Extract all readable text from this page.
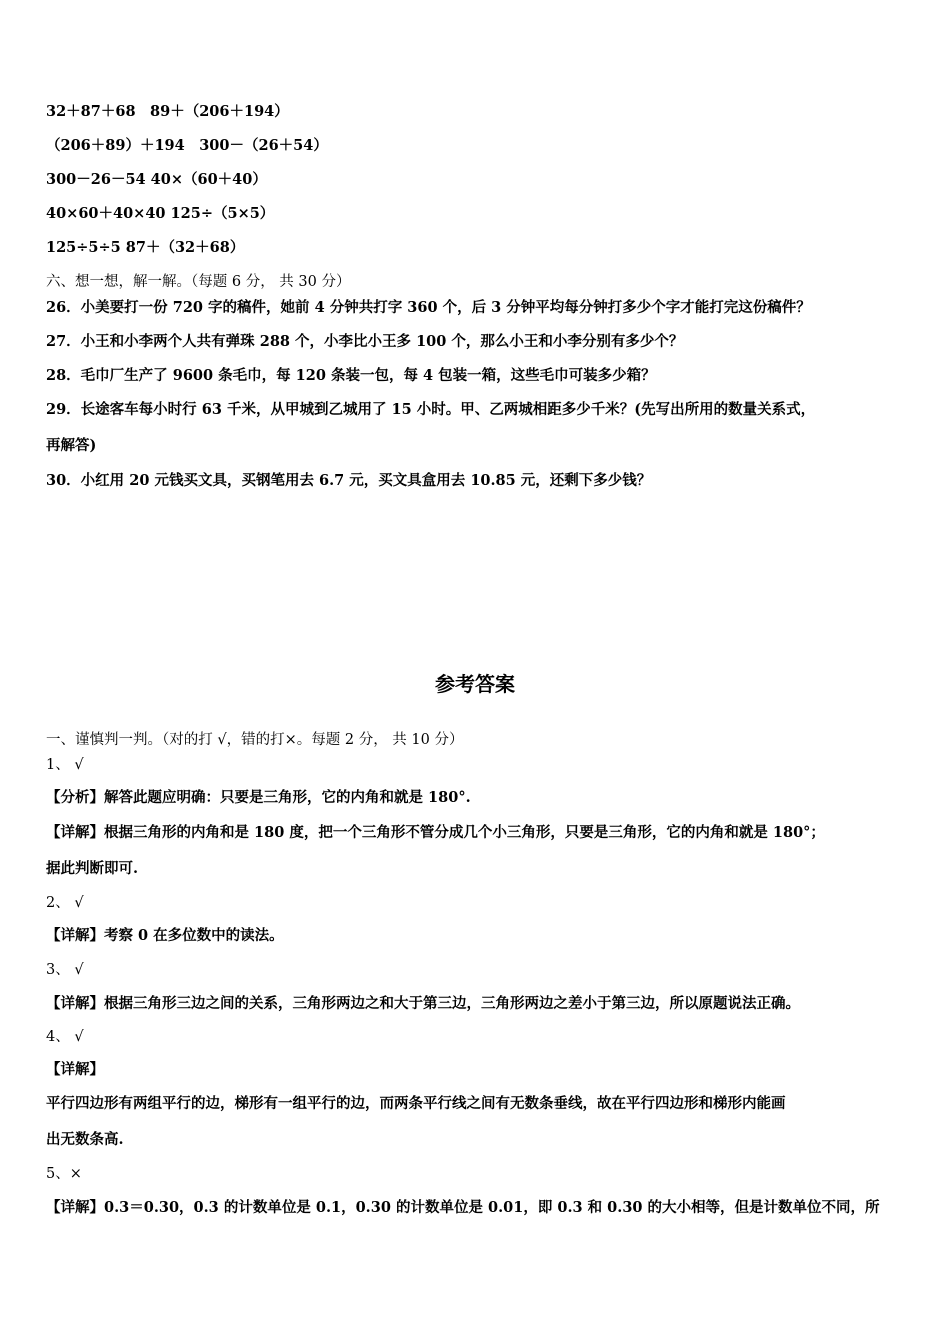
32＋87＋68　89＋（206＋194）
（206＋89）＋194　300－（26＋54）
300－26－54 40×（60＋40）
40×60＋40×40 125÷（5×5）
125÷5÷5 87＋（32＋68）
六、想一想，解一解。（每题 6 分， 共 30 分）
26．小美要打一份 720 字的稿件，她前 4 分钟共打字 360 个，后 3 分钟平均每分钟打多少个字才能打完这份稿件？
27．小王和小李两个人共有弹珠 288 个，小李比小王多 100 个，那么小王和小李分别有多少个？
28．毛巾厂生产了 9600 条毛巾，每 120 条装一包，每 4 包装一箱，这些毛巾可装多少箱？
29．长途客车每小时行 63 千米，从甲城到乙城用了 15 小时。甲、乙两城相距多少千米？(先写出所用的数量关系式，
再解答)
30．小红用 20 元钱买文具，买钢笔用去 6.7 元，买文具盒用去 10.85 元，还剩下多少钱？
参考答案
一、谨慎判一判。（对的打 √，错的打×。每题 2 分， 共 10 分）
1、 √
【分析】解答此题应明确：只要是三角形，它的内角和就是 180°.
【详解】根据三角形的内角和是 180 度，把一个三角形不管分成几个小三角形，只要是三角形，它的内角和就是 180°；
据此判断即可.
2、 √
【详解】考察 0 在多位数中的读法。
3、 √
【详解】根据三角形三边之间的关系，三角形两边之和大于第三边，三角形两边之差小于第三边，所以原题说法正确。
4、 √
【详解】
平行四边形有两组平行的边，梯形有一组平行的边，而两条平行线之间有无数条垂线，故在平行四边形和梯形内能画
出无数条高.
5、×
【详解】0.3＝0.30，0.3 的计数单位是 0.1，0.30 的计数单位是 0.01，即 0.3 和 0.30 的大小相等，但是计数单位不同，所
